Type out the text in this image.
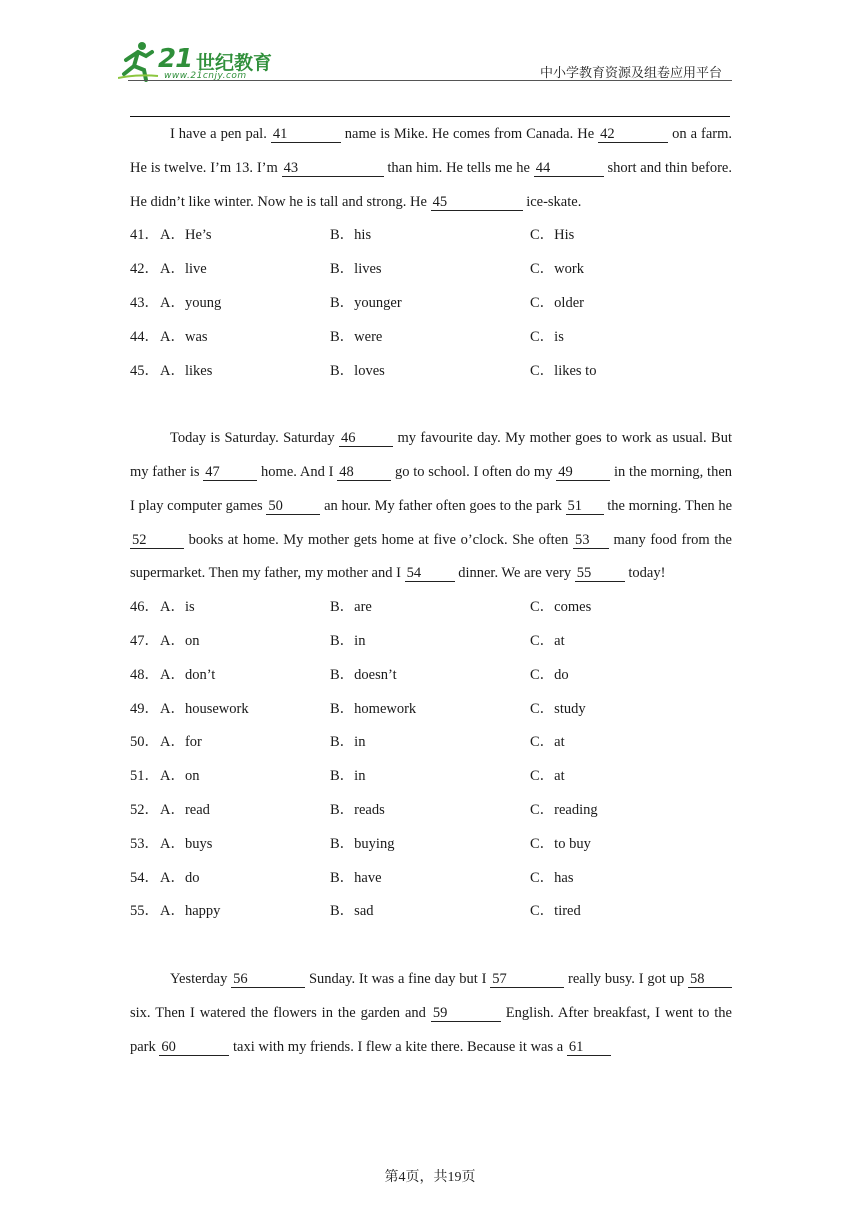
21 世纪教育
www.21cnjy.com	中小学教育资源及组卷应用平台
I have a pen pal. 41	name is Mike. He comes from Canada. He 42	on a farm. He is twelve. I’m 13. I’m 43	than him. He tells me he 44	short and thin before. He didn’t like winter. Now he is tall and strong. He 45	ice-skate.
41． A．He’s	B．his	C．His
42． A．live	B．lives	C．work
43． A．young	B．younger	C．older
44． A．was	B．were	C．is
45． A．likes	B．loves	C．likes to
Today is Saturday. Saturday 46	my favourite day. My mother goes to work as usual. But my father is 47	home. And I 48	go to school. I often do my 49	in the morning, then I play computer games 50	an hour. My father often goes to the park 51 the morning. Then he 52	books at home. My mother gets home at five o’clock. She often 53 many food from the supermarket. Then my father, my mother and I 54 dinner. We are very 55 today!
46． A．is	B．are	C．comes
47． A．on	B．in	C．at
48． A．don’t	B．doesn’t	C．do
49． A．housework	B．homework	C．study
50． A．for	B．in	C．at
51． A．on	B．in	C．at
52． A．read	B．reads	C．reading
53． A．buys	B．buying	C．to buy
54． A．do	B．have	C．has
55． A．happy	B．sad	C．tired
Yesterday 56	Sunday. It was a fine day but I 57	really busy. I got up 58 six. Then I watered the flowers in the garden and 59	English. After breakfast, I went to the park 60	taxi with my friends. I flew a kite there. Because it was a 61
第4页，共19页
